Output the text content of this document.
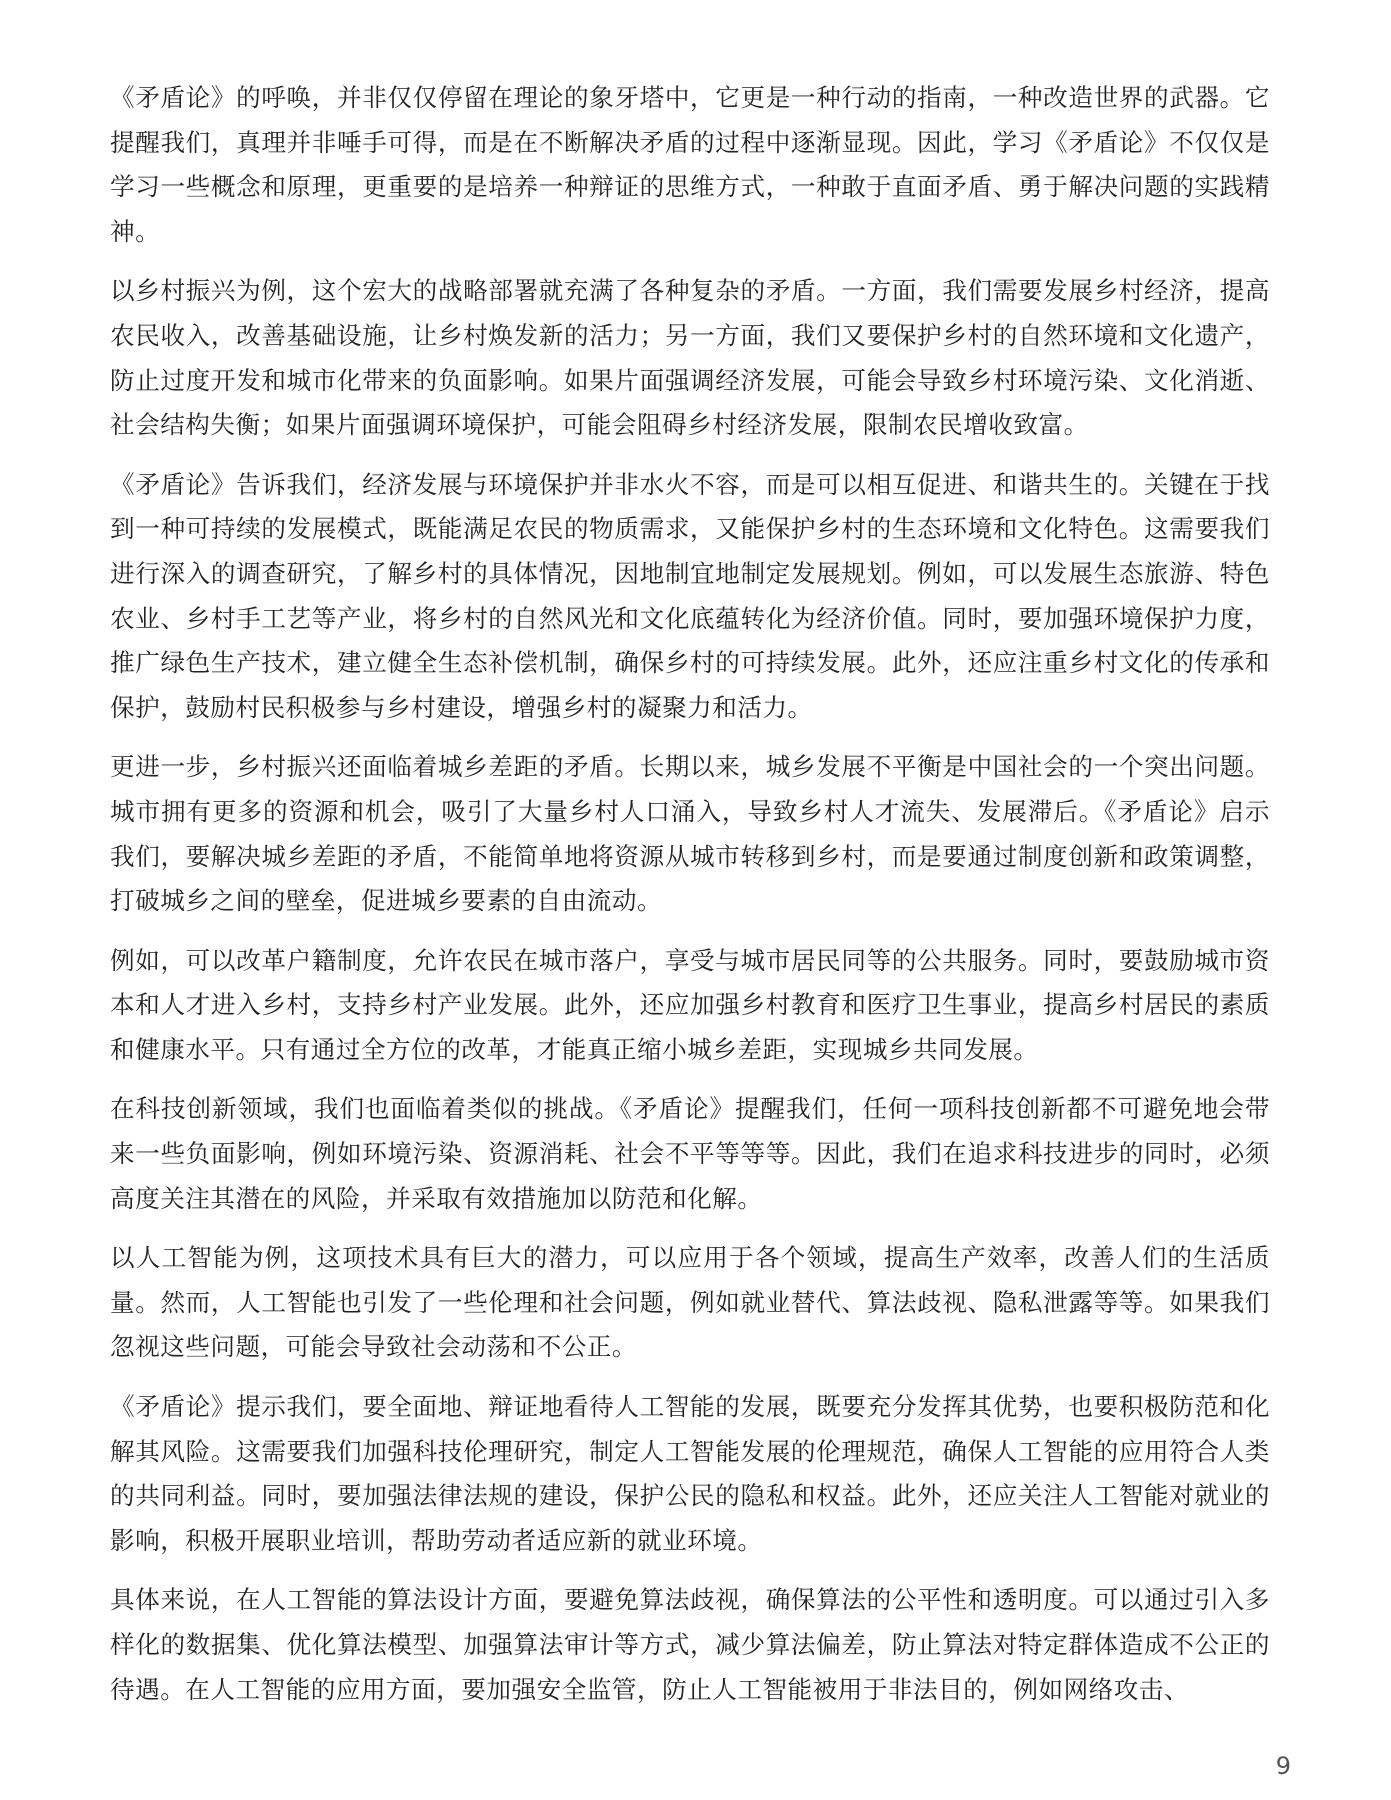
《矛盾论》的呼唤，并非仅仅停留在理论的象牙塔中，它更是一种行动的指南，一种改造世界的武器。它提醒我们，真理并非唾手可得，而是在不断解决矛盾的过程中逐渐显现。因此，学习《矛盾论》不仅仅是学习一些概念和原理，更重要的是培养一种辩证的思维方式，一种敢于直面矛盾、勇于解决问题的实践精神。

以乡村振兴为例，这个宏大的战略部署就充满了各种复杂的矛盾。一方面，我们需要发展乡村经济，提高农民收入，改善基础设施，让乡村焕发新的活力；另一方面，我们又要保护乡村的自然环境和文化遗产，防止过度开发和城市化带来的负面影响。如果片面强调经济发展，可能会导致乡村环境污染、文化消逝、社会结构失衡；如果片面强调环境保护，可能会阻碍乡村经济发展，限制农民增收致富。

《矛盾论》告诉我们，经济发展与环境保护并非水火不容，而是可以相互促进、和谐共生的。关键在于找到一种可持续的发展模式，既能满足农民的物质需求，又能保护乡村的生态环境和文化特色。这需要我们进行深入的调查研究，了解乡村的具体情况，因地制宜地制定发展规划。例如，可以发展生态旅游、特色农业、乡村手工艺等产业，将乡村的自然风光和文化底蕴转化为经济价值。同时，要加强环境保护力度，推广绿色生产技术，建立健全生态补偿机制，确保乡村的可持续发展。此外，还应注重乡村文化的传承和保护，鼓励村民积极参与乡村建设，增强乡村的凝聚力和活力。

更进一步，乡村振兴还面临着城乡差距的矛盾。长期以来，城乡发展不平衡是中国社会的一个突出问题。城市拥有更多的资源和机会，吸引了大量乡村人口涌入，导致乡村人才流失、发展滞后。《矛盾论》启示我们，要解决城乡差距的矛盾，不能简单地将资源从城市转移到乡村，而是要通过制度创新和政策调整，打破城乡之间的壁垒，促进城乡要素的自由流动。

例如，可以改革户籍制度，允许农民在城市落户，享受与城市居民同等的公共服务。同时，要鼓励城市资本和人才进入乡村，支持乡村产业发展。此外，还应加强乡村教育和医疗卫生事业，提高乡村居民的素质和健康水平。只有通过全方位的改革，才能真正缩小城乡差距，实现城乡共同发展。

在科技创新领域，我们也面临着类似的挑战。《矛盾论》提醒我们，任何一项科技创新都不可避免地会带来一些负面影响，例如环境污染、资源消耗、社会不平等等等。因此，我们在追求科技进步的同时，必须高度关注其潜在的风险，并采取有效措施加以防范和化解。

以人工智能为例，这项技术具有巨大的潜力，可以应用于各个领域，提高生产效率，改善人们的生活质量。然而，人工智能也引发了一些伦理和社会问题，例如就业替代、算法歧视、隐私泄露等等。如果我们忽视这些问题，可能会导致社会动荡和不公正。

《矛盾论》提示我们，要全面地、辩证地看待人工智能的发展，既要充分发挥其优势，也要积极防范和化解其风险。这需要我们加强科技伦理研究，制定人工智能发展的伦理规范，确保人工智能的应用符合人类的共同利益。同时，要加强法律法规的建设，保护公民的隐私和权益。此外，还应关注人工智能对就业的影响，积极开展职业培训，帮助劳动者适应新的就业环境。

具体来说，在人工智能的算法设计方面，要避免算法歧视，确保算法的公平性和透明度。可以通过引入多样化的数据集、优化算法模型、加强算法审计等方式，减少算法偏差，防止算法对特定群体造成不公正的待遇。在人工智能的应用方面，要加强安全监管，防止人工智能被用于非法目的，例如网络攻击、

9
